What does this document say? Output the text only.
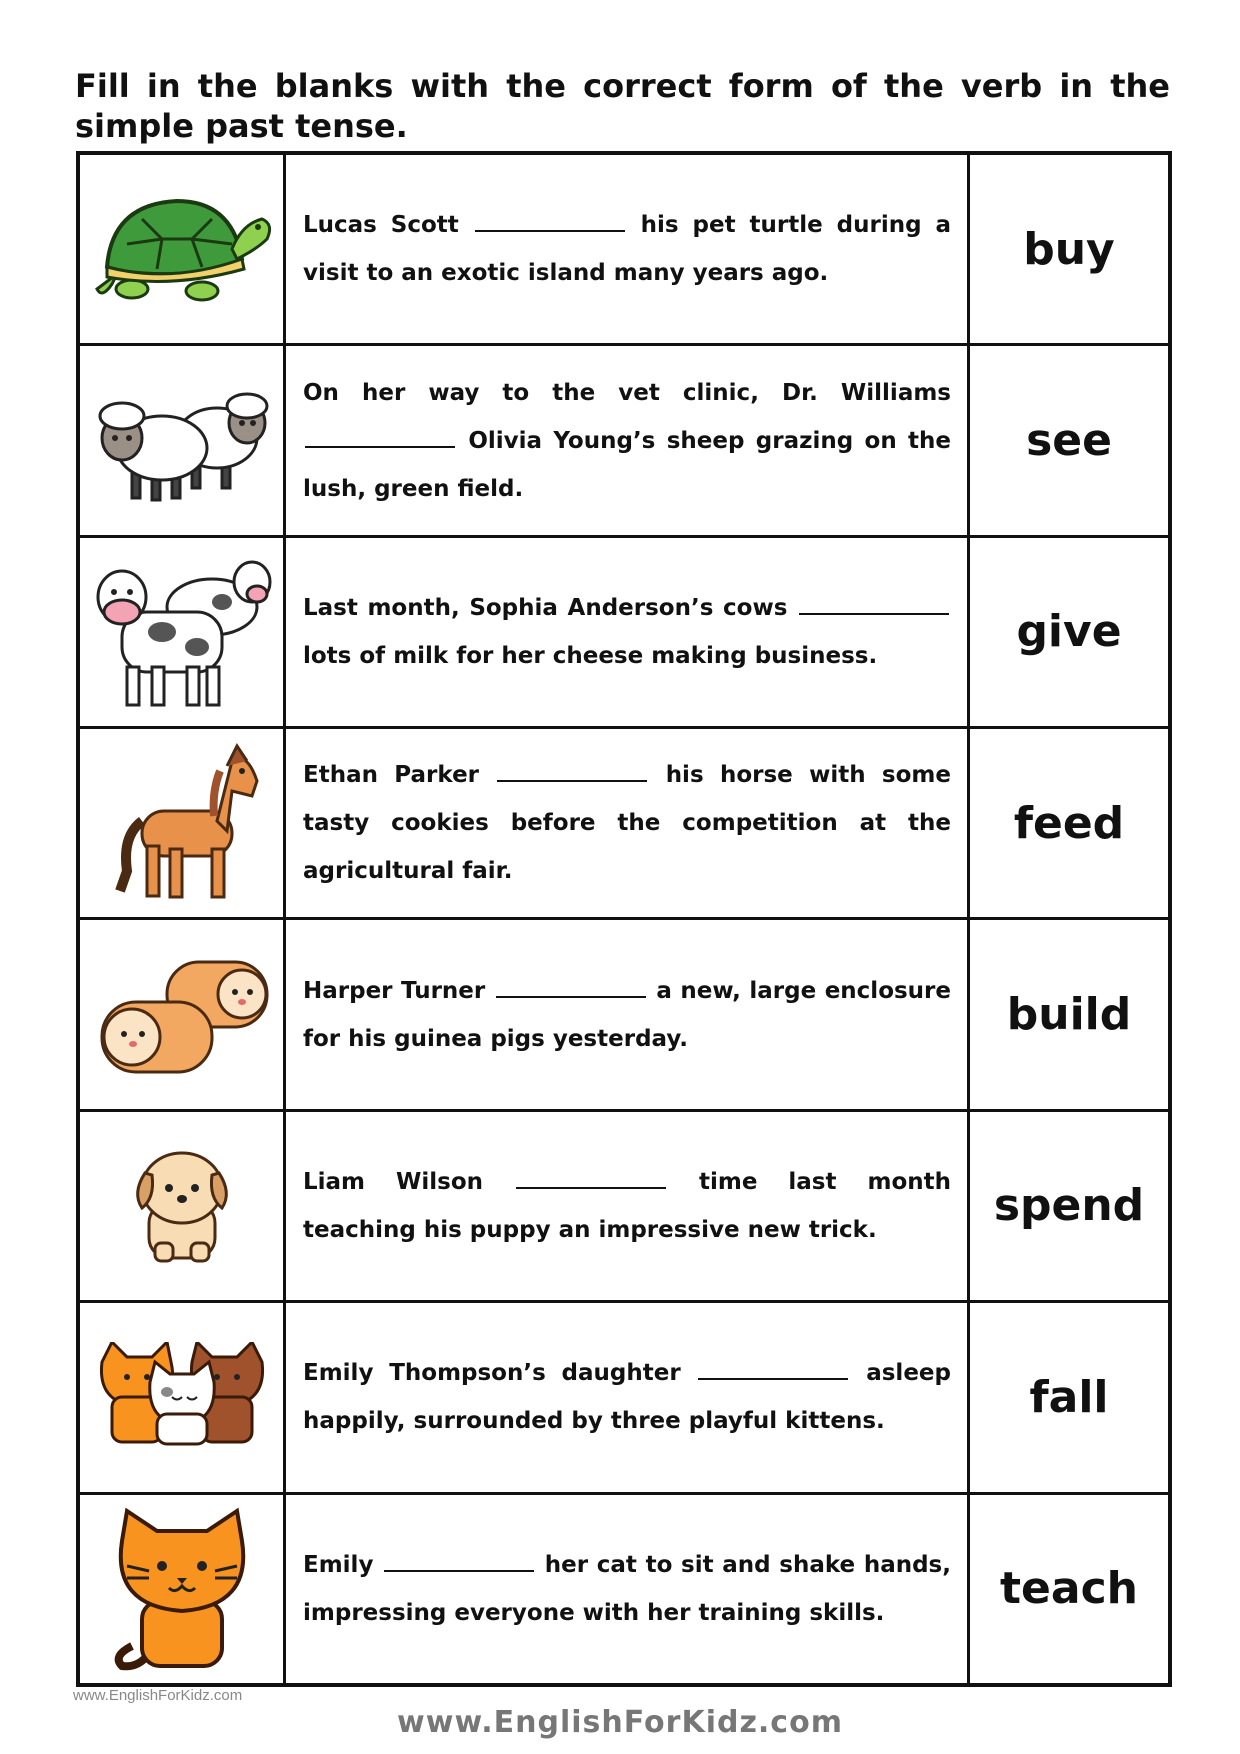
Fill in the blanks with the correct form of the verb in the simple past tense.

Lucas Scott his pet turtle during a visit to an exotic island many years ago.	buy

On her way to the vet clinic, Dr. Williams  Olivia Young’s sheep grazing on the lush, green field.	see

Last month, Sophia Anderson’s cows  lots of milk for her cheese making business.	give

Ethan Parker his horse with some tasty cookies before the competition at the agricultural fair.	feed

Harper Turner a new, large enclosure for his guinea pigs yesterday.	build

Liam Wilson time last month teaching his puppy an impressive new trick.	spend

Emily Thompson’s daughter asleep happily, surrounded by three playful kittens.	fall

Emily her cat to sit and shake hands, impressing everyone with her training skills.	teach
www.EnglishForKidz.com
www.EnglishForKidz.com
